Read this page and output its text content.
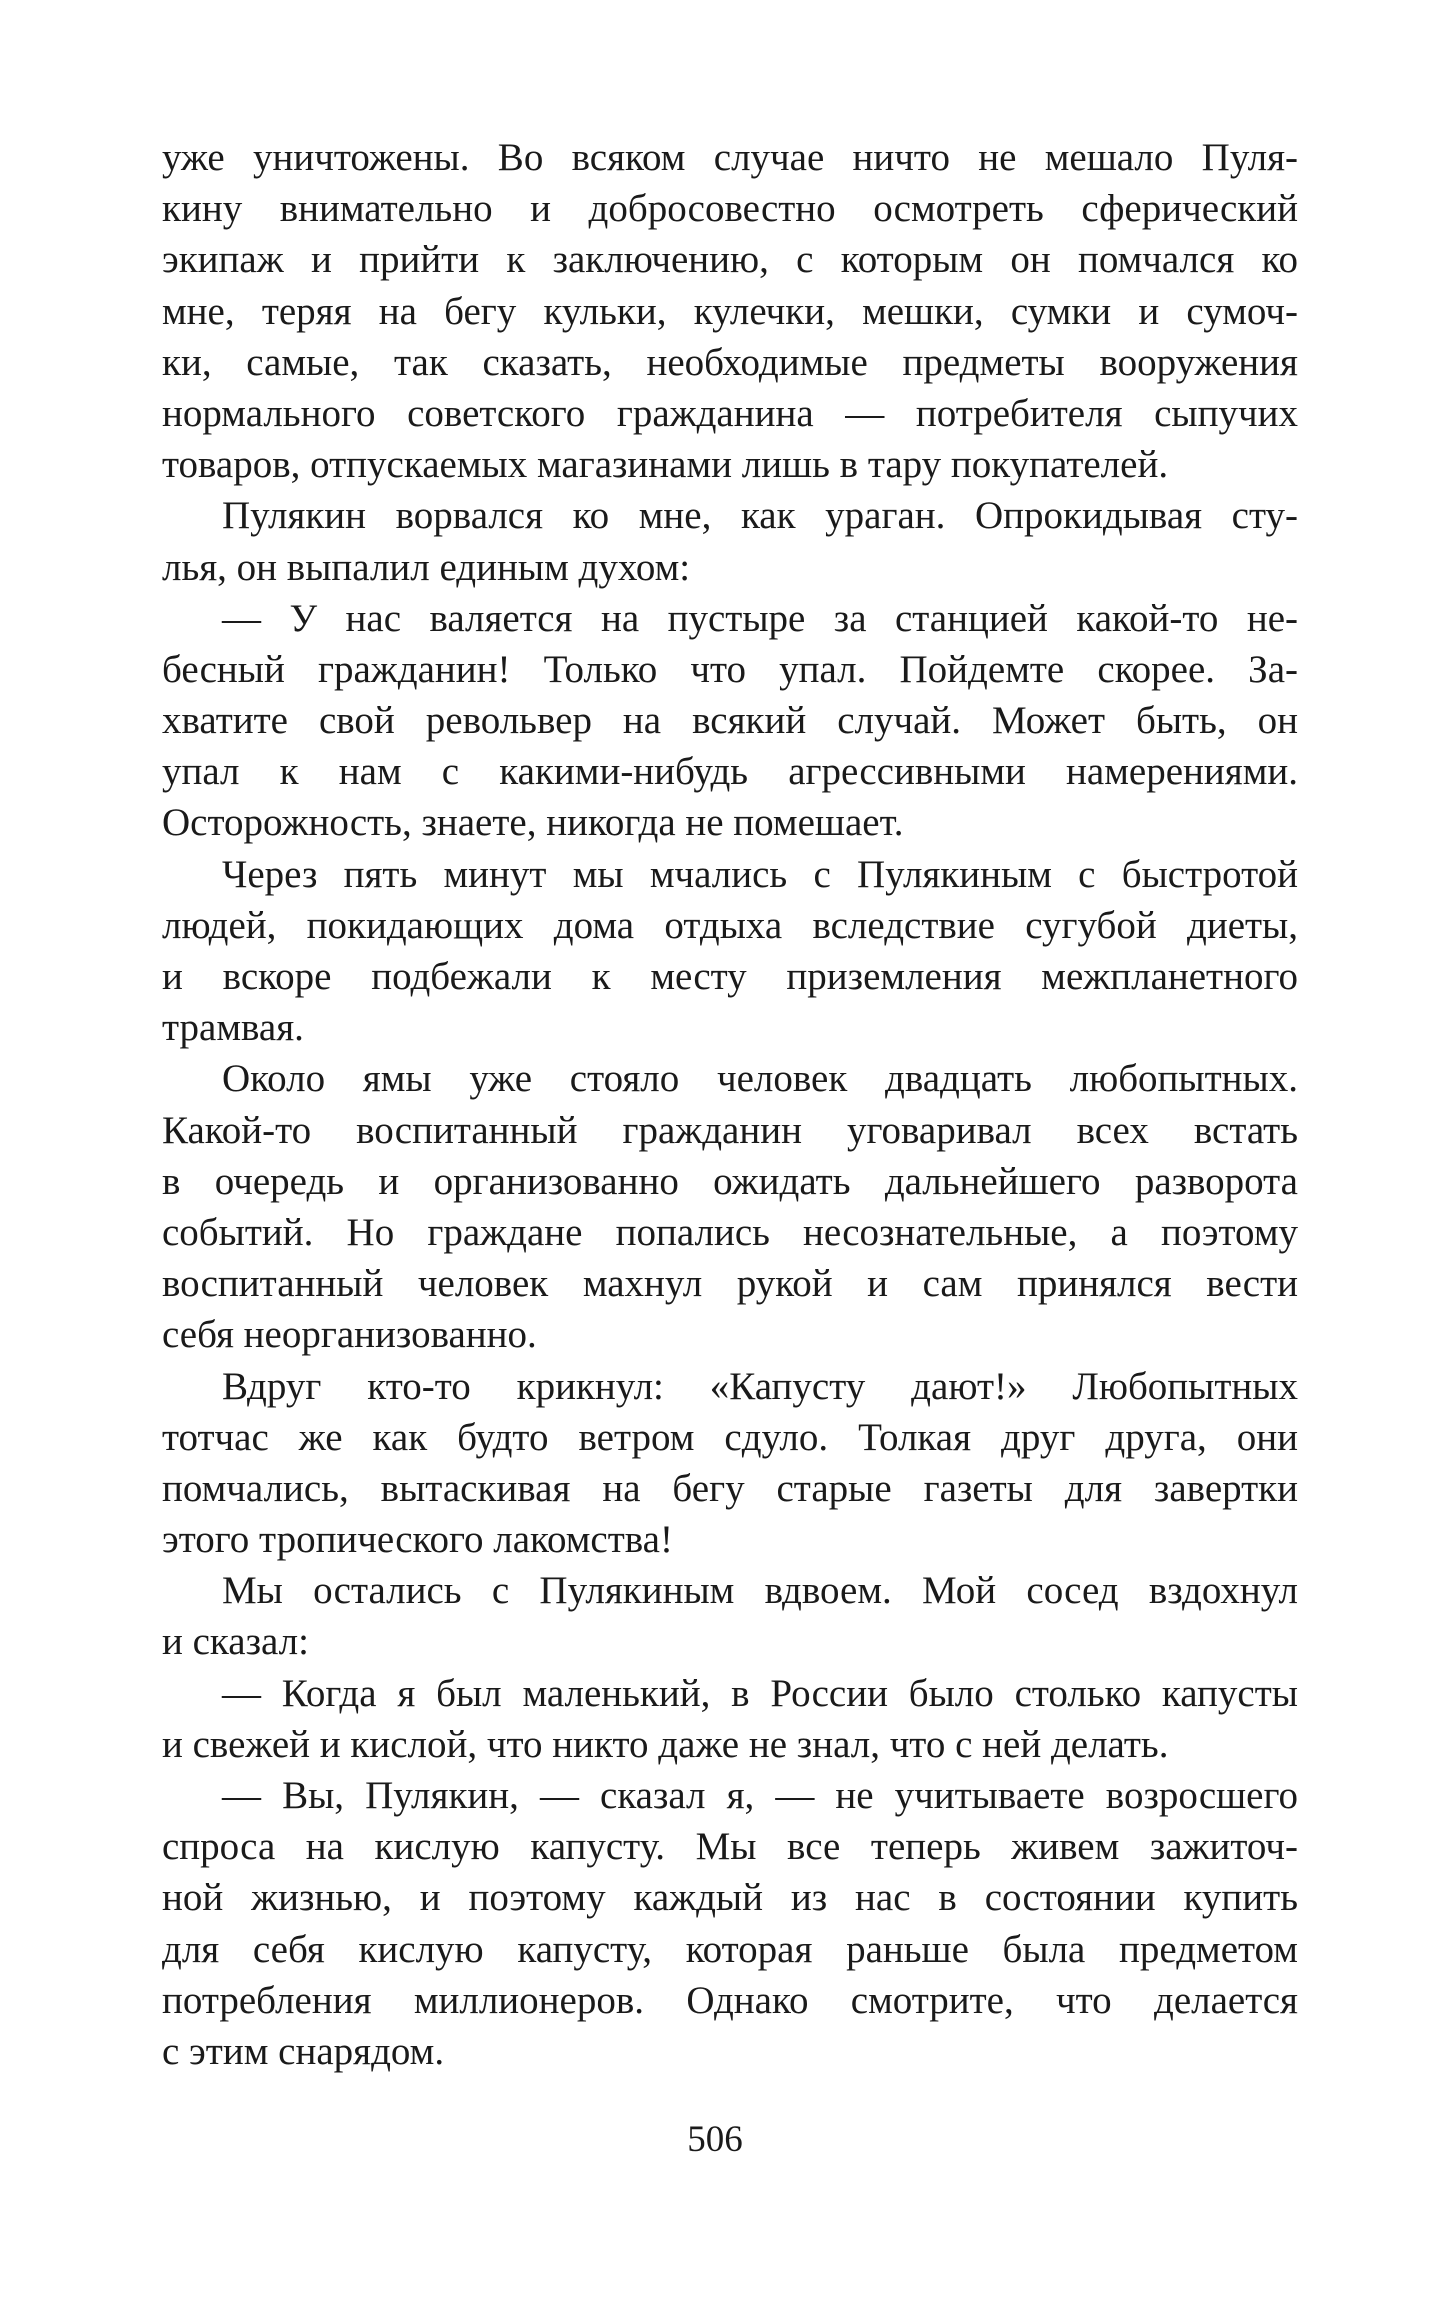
уже уничтожены. Во всяком случае ничто не мешало Пуля-
кину внимательно и добросовестно осмотреть сферический
экипаж и прийти к заключению, с которым он помчался ко
мне, теряя на бегу кульки, кулечки, мешки, сумки и сумоч-
ки, самые, так сказать, необходимые предметы вооружения
нормального советского гражданина — потребителя сыпучих
товаров, отпускаемых магазинами лишь в тару покупателей.
Пулякин ворвался ко мне, как ураган. Опрокидывая сту-
лья, он выпалил единым духом:
— У нас валяется на пустыре за станцией какой-то не-
бесный гражданин! Только что упал. Пойдемте скорее. За-
хватите свой револьвер на всякий случай. Может быть, он
упал к нам с какими-нибудь агрессивными намерениями.
Осторожность, знаете, никогда не помешает.
Через пять минут мы мчались с Пулякиным с быстротой
людей, покидающих дома отдыха вследствие сугубой диеты,
и вскоре подбежали к месту приземления межпланетного
трамвая.
Около ямы уже стояло человек двадцать любопытных.
Какой-то воспитанный гражданин уговаривал всех встать
в очередь и организованно ожидать дальнейшего разворота
событий. Но граждане попались несознательные, а поэтому
воспитанный человек махнул рукой и сам принялся вести
себя неорганизованно.
Вдруг кто-то крикнул: «Капусту дают!» Любопытных
тотчас же как будто ветром сдуло. Толкая друг друга, они
помчались, вытаскивая на бегу старые газеты для завертки
этого тропического лакомства!
Мы остались с Пулякиным вдвоем. Мой сосед вздохнул
и сказал:
— Когда я был маленький, в России было столько капусты
и свежей и кислой, что никто даже не знал, что с ней делать.
— Вы, Пулякин, — сказал я, — не учитываете возросшего
спроса на кислую капусту. Мы все теперь живем зажиточ-
ной жизнью, и поэтому каждый из нас в состоянии купить
для себя кислую капусту, которая раньше была предметом
потребления миллионеров. Однако смотрите, что делается
с этим снарядом.
506
